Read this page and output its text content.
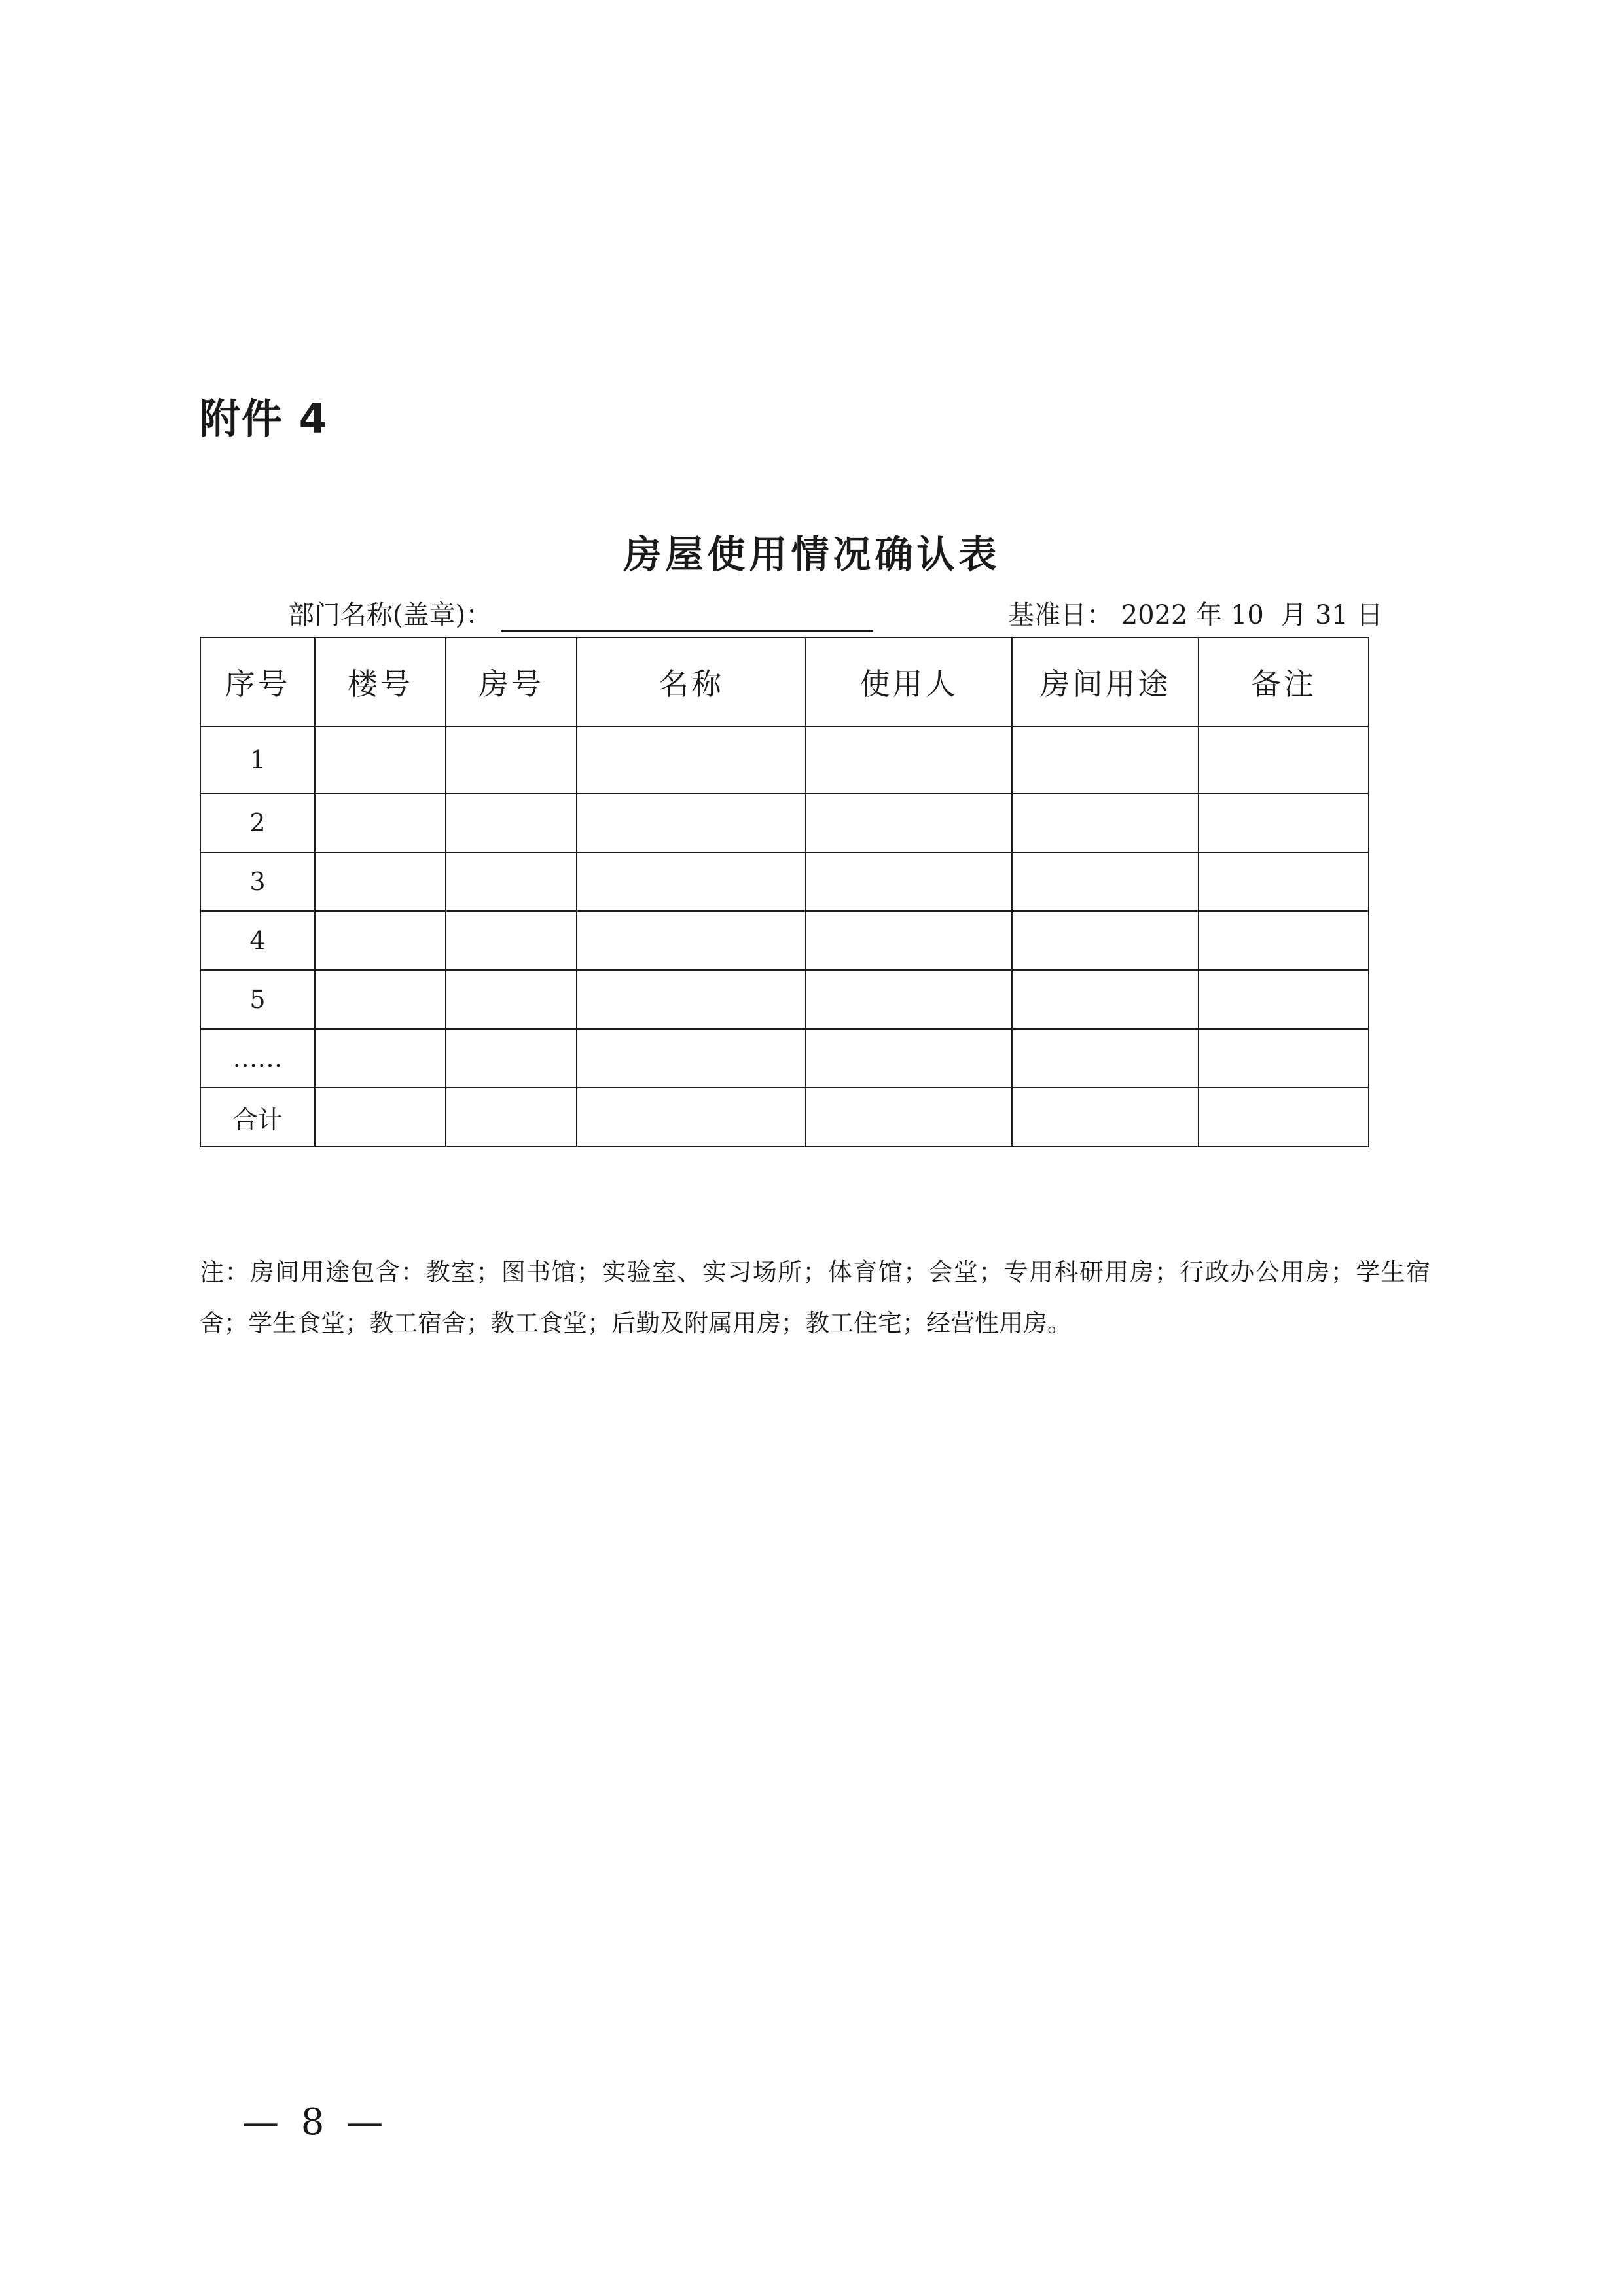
附件 4
房屋使用情况确认表
部门名称(盖章)：	基准日： 2022 年 10  月 31 日
序号	楼号	房号	名称	使用人	房间用途	备注
1						
2						
3						
4						
5						
……						
合计						
注：房间用途包含：教室；图书馆；实验室、实习场所；体育馆；会堂；专用科研用房；行政办公用房；学生宿舍；学生食堂；教工宿舍；教工食堂；后勤及附属用房；教工住宅；经营性用房。
— 8 —
